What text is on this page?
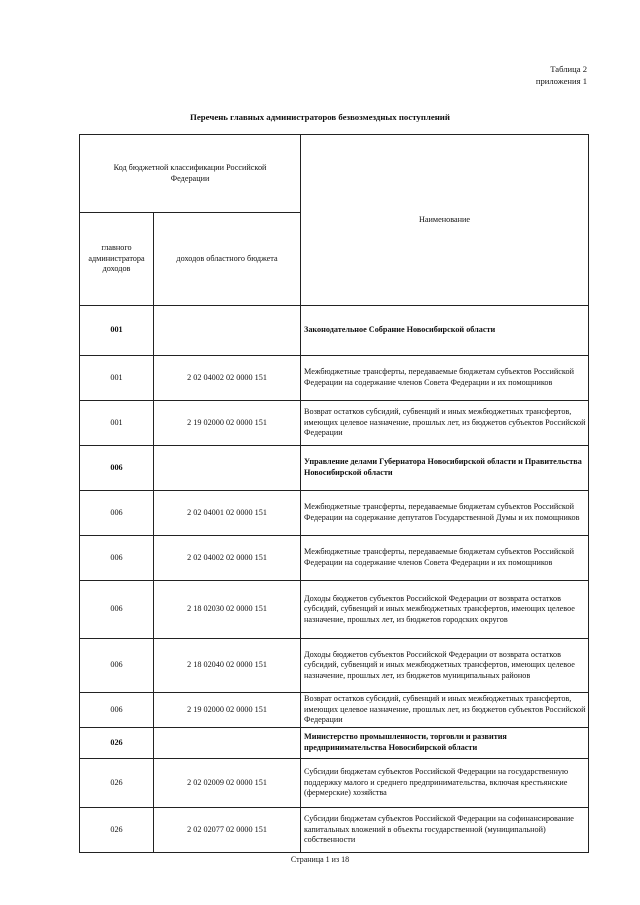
Таблица 2
приложения 1
Перечень главных администраторов безвозмездных поступлений
Код бюджетной классификации Российской Федерации		Наименование
главного администратора доходов	доходов областного бюджета	
001		Законодательное Собрание Новосибирской области
001	2 02 04002 02 0000 151	Межбюджетные трансферты, передаваемые бюджетам субъектов Российской Федерации на содержание членов Совета Федерации и их помощников
001	2 19 02000 02 0000 151	Возврат остатков субсидий, субвенций и иных межбюджетных трансфертов, имеющих целевое назначение, прошлых лет, из бюджетов субъектов Российской Федерации
006		Управление делами Губернатора Новосибирской области и Правительства Новосибирской области
006	2 02 04001 02 0000 151	Межбюджетные трансферты, передаваемые бюджетам субъектов Российской Федерации на содержание депутатов Государственной Думы и их помощников
006	2 02 04002 02 0000 151	Межбюджетные трансферты, передаваемые бюджетам субъектов Российской Федерации на содержание членов Совета Федерации и их помощников
006	2 18 02030 02 0000 151	Доходы бюджетов субъектов Российской Федерации от возврата остатков субсидий, субвенций и иных межбюджетных трансфертов, имеющих целевое назначение, прошлых лет, из бюджетов городских округов
006	2 18 02040 02 0000 151	Доходы бюджетов субъектов Российской Федерации от возврата остатков субсидий, субвенций и иных межбюджетных трансфертов, имеющих целевое назначение, прошлых лет, из бюджетов муниципальных районов
006	2 19 02000 02 0000 151	Возврат остатков субсидий, субвенций и иных межбюджетных трансфертов, имеющих целевое назначение, прошлых лет, из бюджетов субъектов Российской Федерации
026		Министерство промышленности, торговли и развития предпринимательства Новосибирской области
026	2 02 02009 02 0000 151	Субсидии бюджетам субъектов Российской Федерации на государственную поддержку малого и среднего предпринимательства, включая крестьянские (фермерские) хозяйства
026	2 02 02077 02 0000 151	Субсидии бюджетам субъектов Российской Федерации на софинансирование капитальных вложений в объекты государственной (муниципальной) собственности
Страница 1 из 18
